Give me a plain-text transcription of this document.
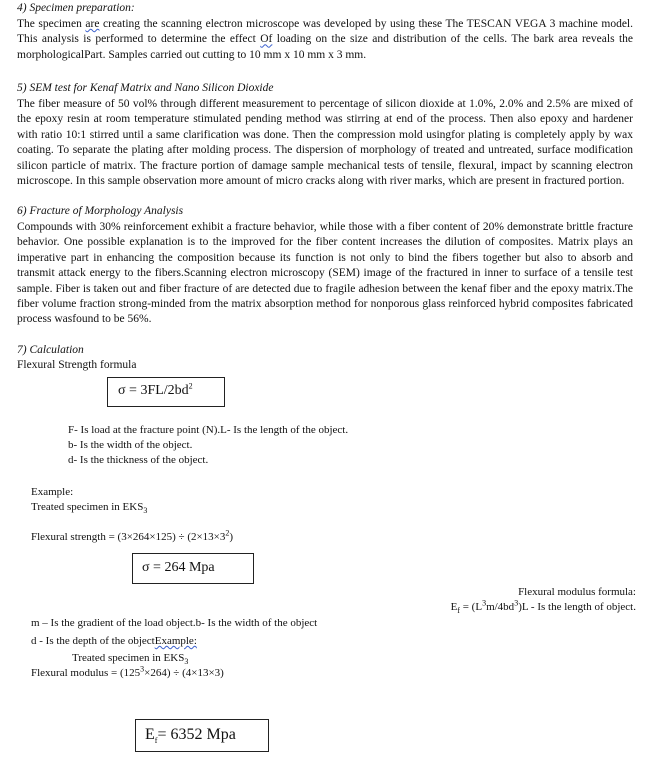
4) Specimen preparation:
The specimen are creating the scanning electron microscope was developed by using these The TESCAN VEGA 3 machine model. This analysis is performed to determine the effect Of loading on the size and distribution of the cells. The bark area reveals the morphologicalPart. Samples carried out cutting to 10 mm x 10 mm x 3 mm.
5) SEM test for Kenaf Matrix and Nano Silicon Dioxide
The fiber measure of 50 vol% through different measurement to percentage of silicon dioxide at 1.0%, 2.0% and 2.5% are mixed of the epoxy resin at room temperature stimulated pending method was stirring at end of the process. Then also epoxy and hardener with ratio 10:1 stirred until a same clarification was done. Then the compression mold usingfor plating is completely apply by wax coating. To separate the plating after molding process. The dispersion of morphology of treated and untreated, surface modification silicon particle of matrix. The fracture portion of damage sample mechanical tests of tensile, flexural, impact by scanning electron microscope. In this sample observation more amount of micro cracks along with river marks, which are present in fractured portion.
6) Fracture of Morphology Analysis
Compounds with 30% reinforcement exhibit a fracture behavior, while those with a fiber content of 20% demonstrate brittle fracture behavior. One possible explanation is to the improved for the fiber content increases the dilution of composites. Matrix plays an imperative part in enhancing the composition because its function is not only to bind the fibers together but also to absorb and transmit attack energy to the fibers.Scanning electron microscopy (SEM) image of the fractured in inner to surface of a tensile test sample. Fiber is taken out and fiber fracture of are detected due to fragile adhesion between the kenaf fiber and the epoxy matrix.The fiber volume fraction strong-minded from the matrix absorption method for nonporous glass reinforced hybrid composites fabricated process wasfound to be 56%.
7) Calculation
Flexural Strength formula
$\sigma = 3FL/2bd^2$
F- Is load at the fracture point (N).L- Is the length of the object.
b- Is the width of the object.
d- Is the thickness of the object.
Example:
Treated specimen in $EKS_3$
Flexural strength = $(3\times 264\times 125) \div (2\times 13\times 3^2)$
σ = 264 Mpa
Flexural modulus formula:
$E_f = (L^3m/4bd^3)L - Is$ the length of object.
m – Is the gradient of the load object.b- Is the width of the object
d - Is the depth of the objectExample:
Treated specimen in $EKS_3$
Flexural modulus = $(125^3\times 264) \div (4\times 13\times 3)$
$E_f= 6352$ Mpa
